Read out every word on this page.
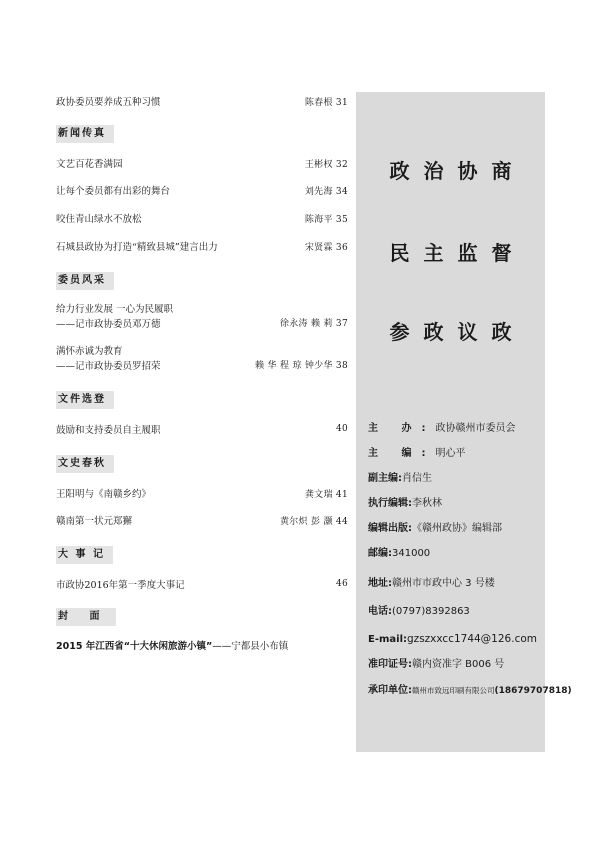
政协委员要养成五种习惯	陈春根 31
新闻传真
文艺百花香满园	王彬权 32
让每个委员都有出彩的舞台	刘先海 34
咬住青山绿水不放松	陈海平 35
石城县政协为打造“精致县城”建言出力	宋贤霖 36
委员风采
给力行业发展 一心为民履职
——记市政协委员邓万德	徐永涛 赖 莉 37
满怀赤诚为教育
——记市政协委员罗招荣	赖 华 程 琼 钟少华 38
文件选登
鼓励和支持委员自主履职	40
文史春秋
王阳明与《南赣乡约》	龚文瑞 41
赣南第一状元郑獬	黄尔炽 彭 灏 44
大 事 记
市政协2016年第一季度大事记	46
封 面
2015 年江西省“十大休闲旅游小镇”——宁都县小布镇
政治协商
民主监督
参政议政
主 办:政协赣州市委员会
主 编:明心平
副主编:肖信生
执行编辑:李秋林
编辑出版:《赣州政协》编辑部
邮编:341000
地址:赣州市市政中心 3 号楼
电话:(0797)8392863
E-mail:gzszxxcc1744@126.com
准印证号:赣内资准字 B006 号
承印单位:赣州市致远印刷有限公司(18679707818)
